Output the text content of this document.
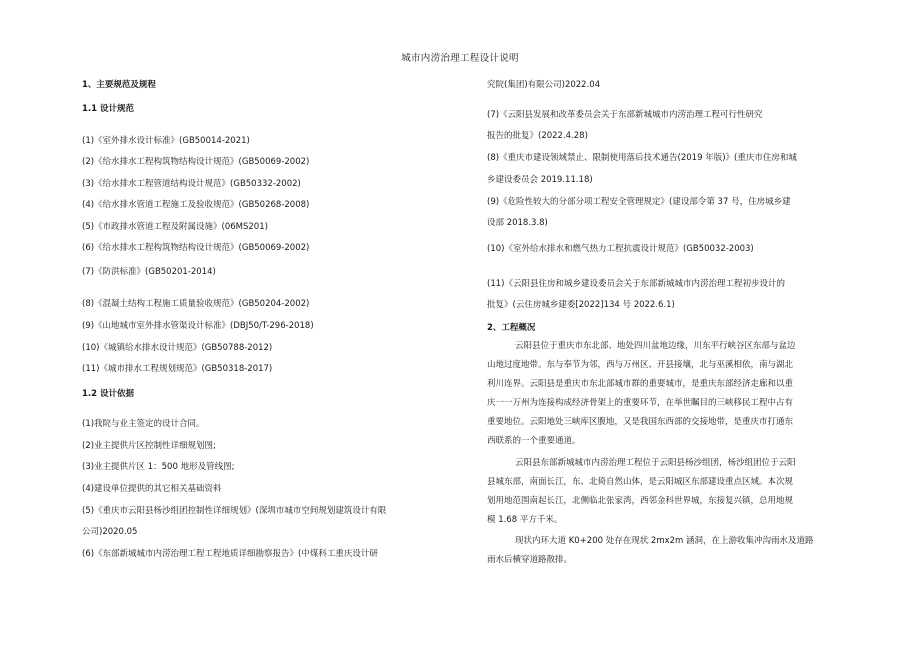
城市内涝治理工程设计说明
1、主要规范及规程
1.1 设计规范
(1)《室外排水设计标准》(GB50014-2021)
(2)《给水排水工程构筑物结构设计规范》(GB50069-2002)
(3)《给水排水工程管道结构设计规范》(GB50332-2002)
(4)《给水排水管道工程施工及验收规范》(GB50268-2008)
(5)《市政排水管道工程及附属设施》(06MS201)
(6)《给水排水工程构筑物结构设计规范》(GB50069-2002)
(7)《防洪标准》(GB50201-2014)
(8)《混凝土结构工程施工质量验收规范》(GB50204-2002)
(9)《山地城市室外排水管渠设计标准》(DBJ50/T-296-2018)
(10)《城镇给水排水设计规范》(GB50788-2012)
(11)《城市排水工程规划规范》(GB50318-2017)
1.2 设计依据
(1)我院与业主签定的设计合同。
(2)业主提供片区控制性详细规划图;
(3)业主提供片区 1：500 地形及管线图;
(4)建设单位提供的其它相关基础资料
(5)《重庆市云阳县杨沙组团控制性详细规划》(深圳市城市空间规划建筑设计有限
公司)2020.05
(6)《东部新城城市内涝治理工程工程地质详细勘察报告》(中煤科工重庆设计研
究院(集团)有限公司)2022.04
(7)《云阳县发展和改革委员会关于东部新城城市内涝治理工程可行性研究
报告的批复》(2022.4.28)
(8)《重庆市建设领域禁止、限制使用落后技术通告(2019 年版)》(重庆市住房和城
乡建设委员会 2019.11.18)
(9)《危险性较大的分部分项工程安全管理规定》(建设部令第 37 号，住房城乡建
设部 2018.3.8)
(10)《室外给水排水和燃气热力工程抗震设计规范》(GB50032-2003)
(11)《云阳县住房和城乡建设委员会关于东部新城城市内涝治理工程初步设计的
批复》(云住房城乡建委[2022]134 号 2022.6.1)
2、工程概况
云阳县位于重庆市东北部、地处四川盆地边缘，川东平行峡谷区东部与盆边
山地过度地带。东与奉节为邻，西与万州区、开县接壤，北与巫溪相依，南与湖北
利川连界。云阳县是重庆市东北部城市群的重要城市，是重庆东部经济走廊和以重
庆一一万州为连接构成经济骨架上的重要环节，在举世瞩目的三峡移民工程中占有
重要地位。云阳地处三峡库区腹地，又是我国东西部的交接地带，是重庆市打通东
西联系的一个重要通道。
云阳县东部新城城市内涝治理工程位于云阳县杨沙组团，杨沙组团位于云阳
县城东部，南面长江，东、北倚自然山体，是云阳城区东部建设重点区域。本次规
划用地范围南起长江，北侧临北张家湾，西邻金科世界城，东接复兴镇，总用地规
模 1.68 平方千米。
现状内环大道 K0+200 处存在现状 2mx2m 涵洞，在上游收集冲沟雨水及道路
雨水后横穿道路散排。
